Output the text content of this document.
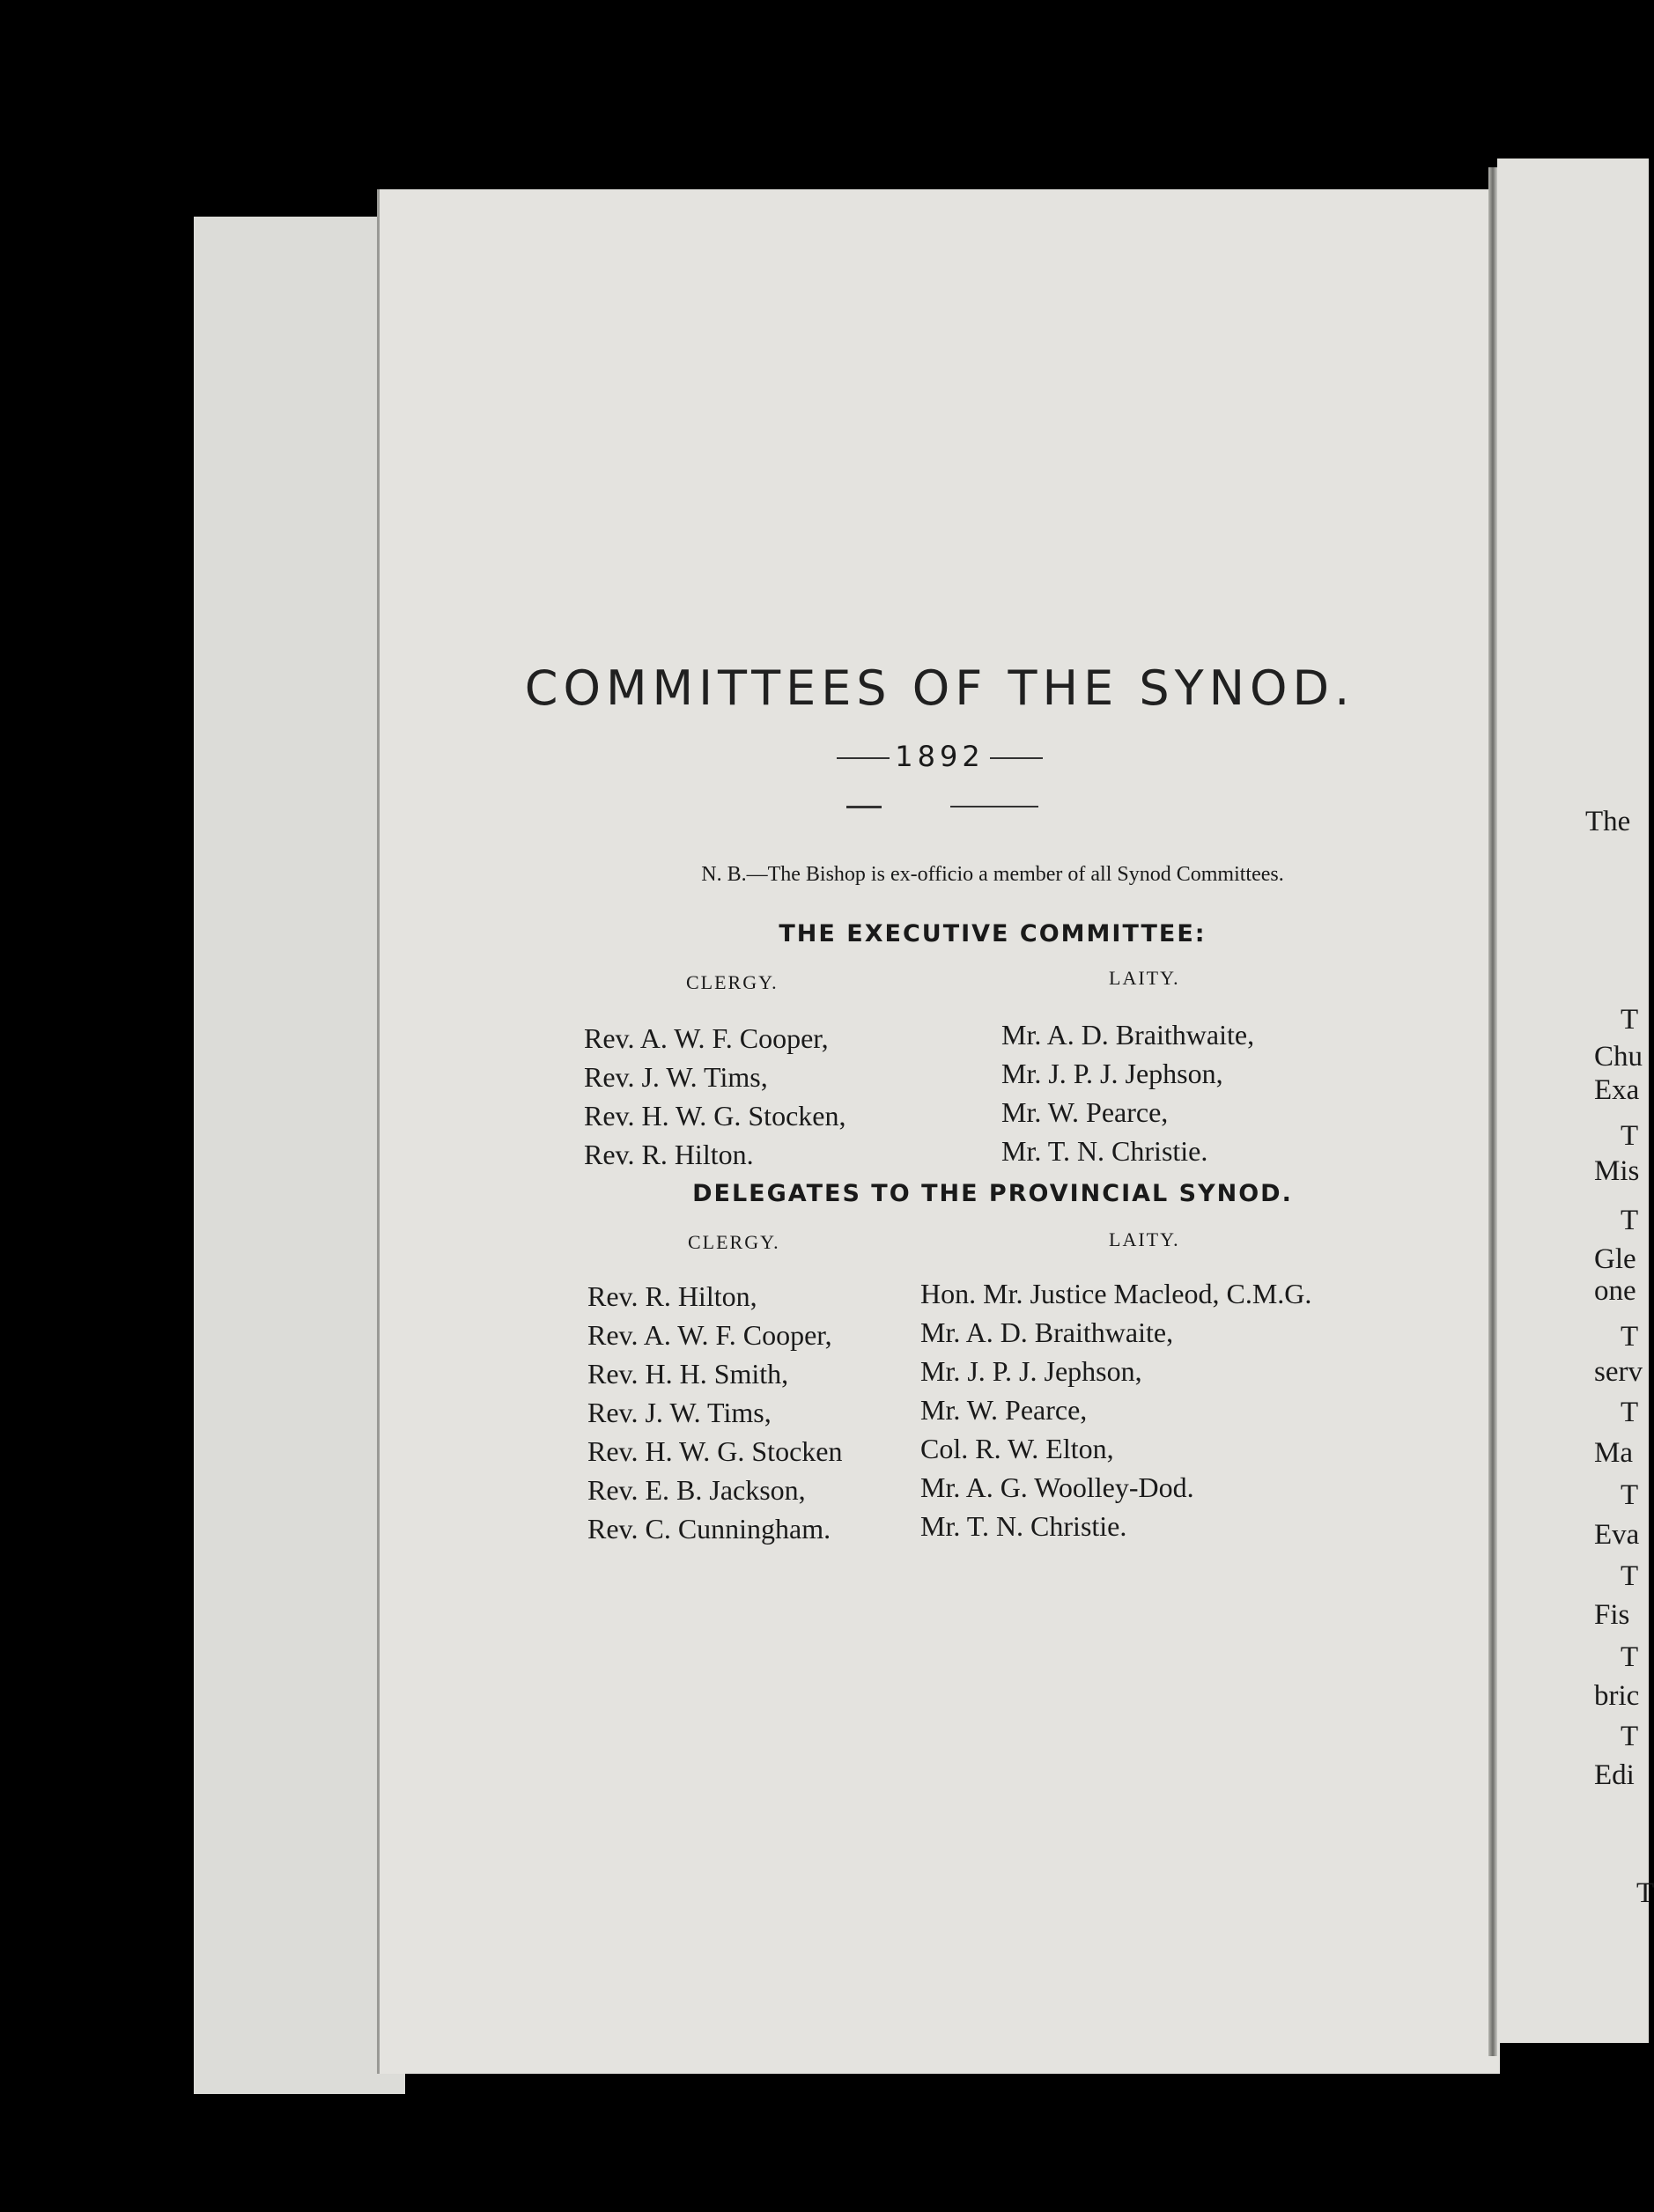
COMMITTEES OF THE SYNOD.
1892
N. B.—The Bishop is ex-officio a member of all Synod Committees.
THE EXECUTIVE COMMITTEE:
CLERGY.	LAITY.
Rev. A. W. F. Cooper,
Rev. J. W. Tims,
Rev. H. W. G. Stocken,
Rev. R. Hilton.
Mr. A. D. Braithwaite,
Mr. J. P. J. Jephson,
Mr. W. Pearce,
Mr. T. N. Christie.
DELEGATES TO THE PROVINCIAL SYNOD.
CLERGY.	LAITY.
Rev. R. Hilton,
Rev. A. W. F. Cooper,
Rev. H. H. Smith,
Rev. J. W. Tims,
Rev. H. W. G. Stocken
Rev. E. B. Jackson,
Rev. C. Cunningham.
Hon. Mr. Justice Macleod, C.M.G.
Mr. A. D. Braithwaite,
Mr. J. P. J. Jephson,
Mr. W. Pearce,
Col. R. W. Elton,
Mr. A. G. Woolley-Dod.
Mr. T. N. Christie.
The
T
Chu
Exa
T
Mis
T
Gle
one
T
serv
T
Ma
T
Eva
T
Fis
T
bric
T
Edi
T
